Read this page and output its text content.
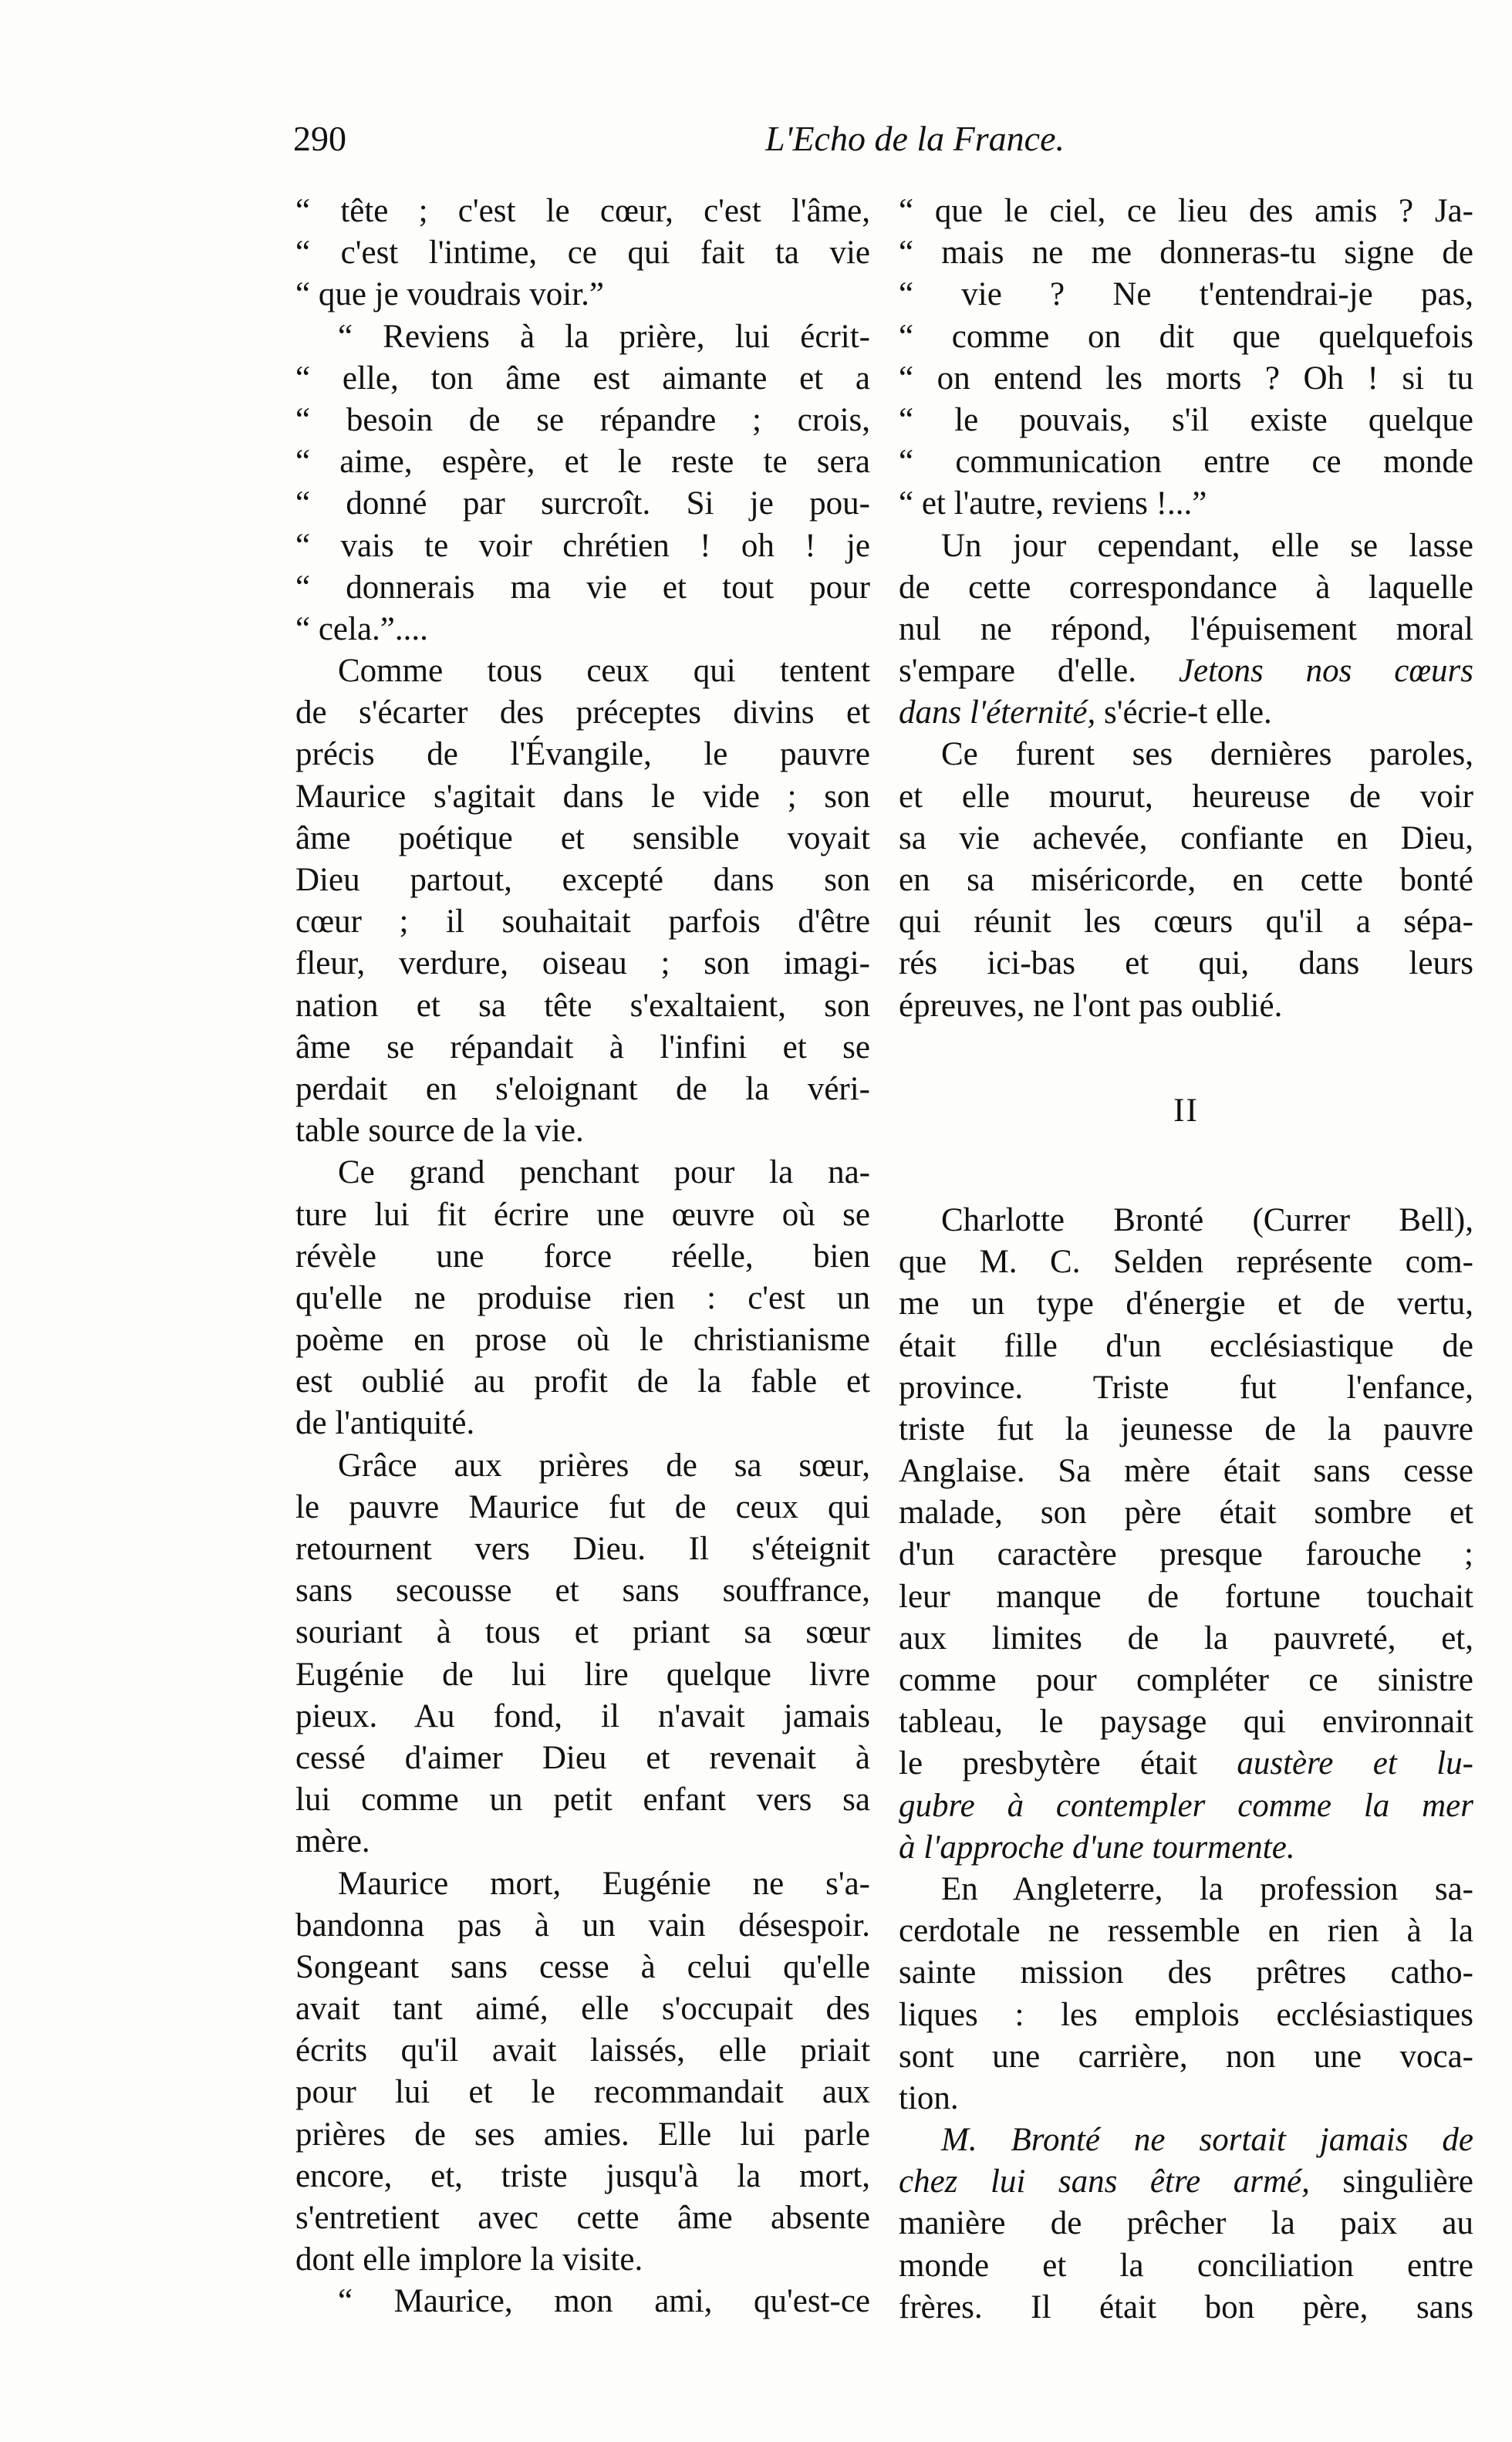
290	L'Echo de la France.
“ tête ; c'est le cœur, c'est l'âme,
“ c'est l'intime, ce qui fait ta vie
“ que je voudrais voir.”
“ Reviens à la prière, lui écrit-
“ elle, ton âme est aimante et a
“ besoin de se répandre ; crois,
“ aime, espère, et le reste te sera
“ donné par surcroît. Si je pou-
“ vais te voir chrétien ! oh ! je
“ donnerais ma vie et tout pour
“ cela.”....
Comme tous ceux qui tentent
de s'écarter des préceptes divins et
précis de l'Évangile, le pauvre
Maurice s'agitait dans le vide ; son
âme poétique et sensible voyait
Dieu partout, excepté dans son
cœur ; il souhaitait parfois d'être
fleur, verdure, oiseau ; son imagi-
nation et sa tête s'exaltaient, son
âme se répandait à l'infini et se
perdait en s'eloignant de la véri-
table source de la vie.
Ce grand penchant pour la na-
ture lui fit écrire une œuvre où se
révèle une force réelle, bien
qu'elle ne produise rien : c'est un
poème en prose où le christianisme
est oublié au profit de la fable et
de l'antiquité.
Grâce aux prières de sa sœur,
le pauvre Maurice fut de ceux qui
retournent vers Dieu. Il s'éteignit
sans secousse et sans souffrance,
souriant à tous et priant sa sœur
Eugénie de lui lire quelque livre
pieux. Au fond, il n'avait jamais
cessé d'aimer Dieu et revenait à
lui comme un petit enfant vers sa
mère.
Maurice mort, Eugénie ne s'a-
bandonna pas à un vain désespoir.
Songeant sans cesse à celui qu'elle
avait tant aimé, elle s'occupait des
écrits qu'il avait laissés, elle priait
pour lui et le recommandait aux
prières de ses amies. Elle lui parle
encore, et, triste jusqu'à la mort,
s'entretient avec cette âme absente
dont elle implore la visite.
“ Maurice, mon ami, qu'est-ce
“ que le ciel, ce lieu des amis ? Ja-
“ mais ne me donneras-tu signe de
“ vie ? Ne t'entendrai-je pas,
“ comme on dit que quelquefois
“ on entend les morts ? Oh ! si tu
“ le pouvais, s'il existe quelque
“ communication entre ce monde
“ et l'autre, reviens !...”
Un jour cependant, elle se lasse
de cette correspondance à laquelle
nul ne répond, l'épuisement moral
s'empare d'elle. Jetons nos cœurs
dans l'éternité, s'écrie-t elle.
Ce furent ses dernières paroles,
et elle mourut, heureuse de voir
sa vie achevée, confiante en Dieu,
en sa miséricorde, en cette bonté
qui réunit les cœurs qu'il a sépa-
rés ici-bas et qui, dans leurs
épreuves, ne l'ont pas oublié.
II
Charlotte Bronté (Currer Bell),
que M. C. Selden représente com-
me un type d'énergie et de vertu,
était fille d'un ecclésiastique de
province. Triste fut l'enfance,
triste fut la jeunesse de la pauvre
Anglaise. Sa mère était sans cesse
malade, son père était sombre et
d'un caractère presque farouche ;
leur manque de fortune touchait
aux limites de la pauvreté, et,
comme pour compléter ce sinistre
tableau, le paysage qui environnait
le presbytère était austère et lu-
gubre à contempler comme la mer
à l'approche d'une tourmente.
En Angleterre, la profession sa-
cerdotale ne ressemble en rien à la
sainte mission des prêtres catho-
liques : les emplois ecclésiastiques
sont une carrière, non une voca-
tion.
M. Bronté ne sortait jamais de
chez lui sans être armé, singulière
manière de prêcher la paix au
monde et la conciliation entre
frères. Il était bon père, sans
